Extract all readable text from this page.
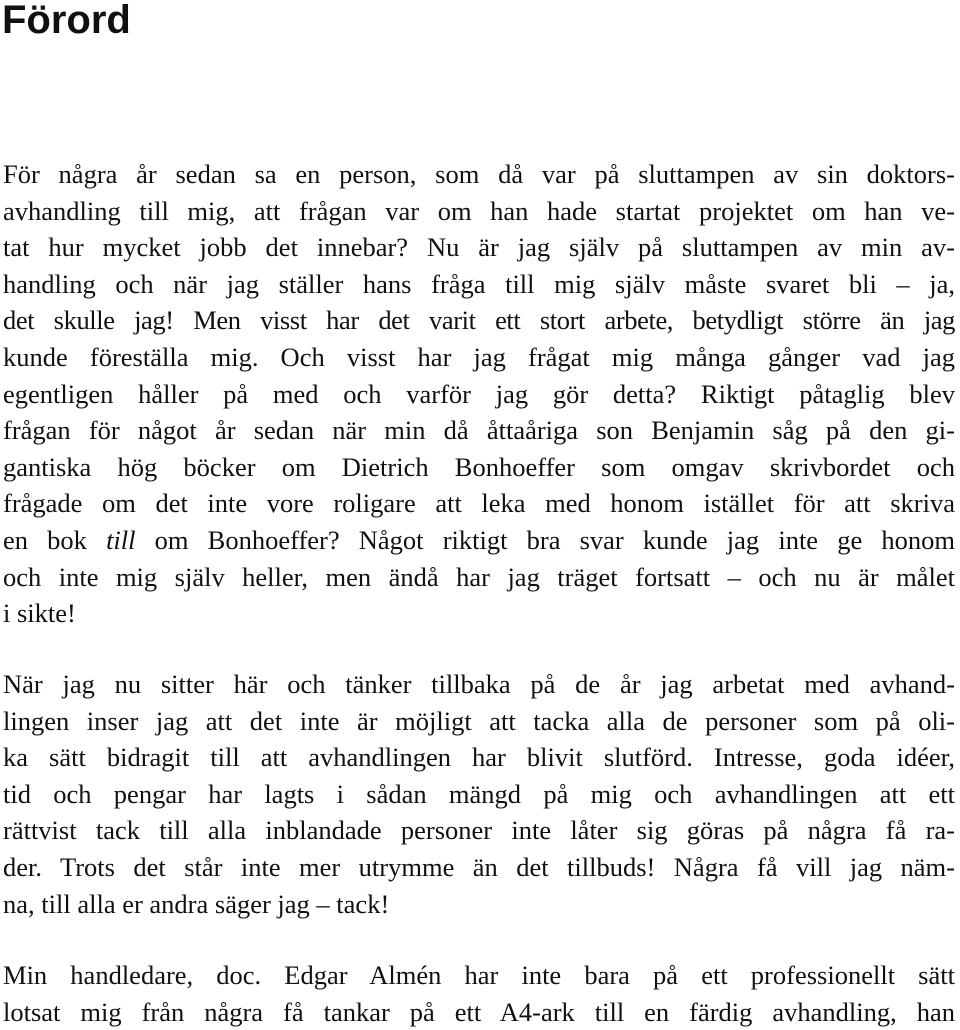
Förord
För några år sedan sa en person, som då var på sluttampen av sin doktors-
avhandling till mig, att frågan var om han hade startat projektet om han ve-
tat hur mycket jobb det innebar? Nu är jag själv på sluttampen av min av-
handling och när jag ställer hans fråga till mig själv måste svaret bli – ja,
det skulle jag! Men visst har det varit ett stort arbete, betydligt större än jag
kunde föreställa mig. Och visst har jag frågat mig många gånger vad jag
egentligen håller på med och varför jag gör detta? Riktigt påtaglig blev
frågan för något år sedan när min då åttaåriga son Benjamin såg på den gi-
gantiska hög böcker om Dietrich Bonhoeffer som omgav skrivbordet och
frågade om det inte vore roligare att leka med honom istället för att skriva
en bok till om Bonhoeffer? Något riktigt bra svar kunde jag inte ge honom
och inte mig själv heller, men ändå har jag träget fortsatt – och nu är målet
i sikte!
När jag nu sitter här och tänker tillbaka på de år jag arbetat med avhand-
lingen inser jag att det inte är möjligt att tacka alla de personer som på oli-
ka sätt bidragit till att avhandlingen har blivit slutförd. Intresse, goda idéer,
tid och pengar har lagts i sådan mängd på mig och avhandlingen att ett
rättvist tack till alla inblandade personer inte låter sig göras på några få ra-
der. Trots det står inte mer utrymme än det tillbuds! Några få vill jag näm-
na, till alla er andra säger jag – tack!
Min handledare, doc. Edgar Almén har inte bara på ett professionellt sätt
lotsat mig från några få tankar på ett A4-ark till en färdig avhandling, han
